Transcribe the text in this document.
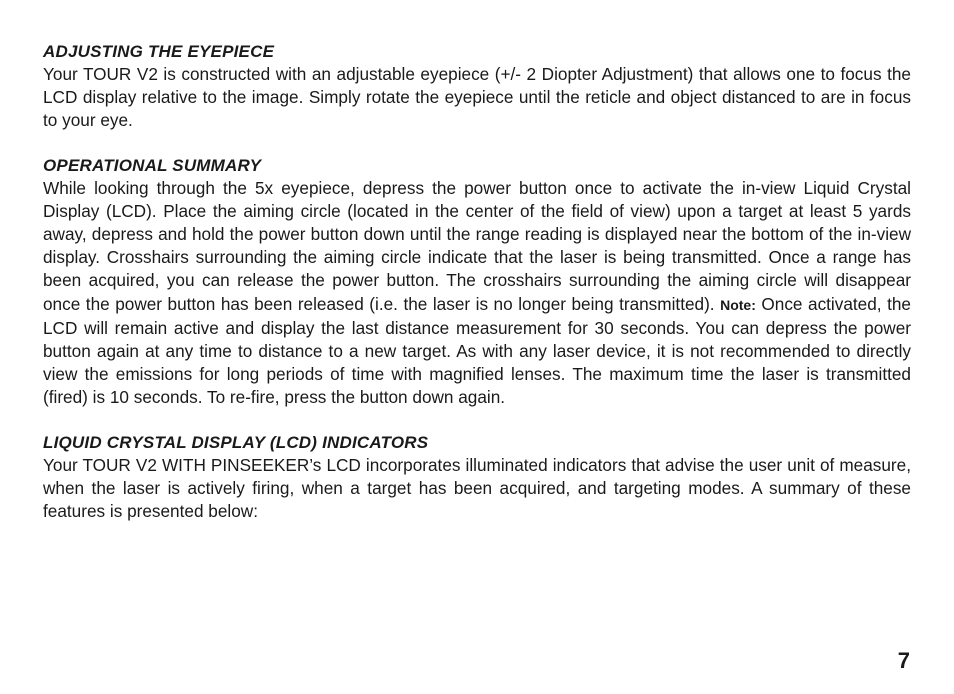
ADJUSTING THE EYEPIECE

Your TOUR V2 is constructed with an adjustable eyepiece (+/- 2 Diopter Adjustment) that allows one to focus the LCD display relative to the image. Simply rotate the eyepiece until the reticle and object distanced to are in focus to your eye.

OPERATIONAL SUMMARY

While looking through the 5x eyepiece, depress the power button once to activate the in-view Liquid Crystal Display (LCD). Place the aiming circle (located in the center of the field of view) upon a target at least 5 yards away, depress and hold the power button down until the range reading is displayed near the bottom of the in-view display. Crosshairs surrounding the aiming circle indicate that the laser is being transmitted. Once a range has been acquired, you can release the power button. The crosshairs surrounding the aiming circle will disappear once the power button has been released (i.e. the laser is no longer being transmitted). Note: Once activated, the LCD will remain active and display the last distance measurement for 30 seconds. You can depress the power button again at any time to distance to a new target. As with any laser device, it is not recommended to directly view the emissions for long periods of time with magnified lenses. The maximum time the laser is transmitted (fired) is 10 seconds. To re-fire, press the button down again.

LIQUID CRYSTAL DISPLAY (LCD) INDICATORS

Your TOUR V2 WITH PINSEEKER’s LCD incorporates illuminated indicators that advise the user unit of measure, when the laser is actively firing, when a target has been acquired, and targeting modes. A summary of these features is presented below:

7
